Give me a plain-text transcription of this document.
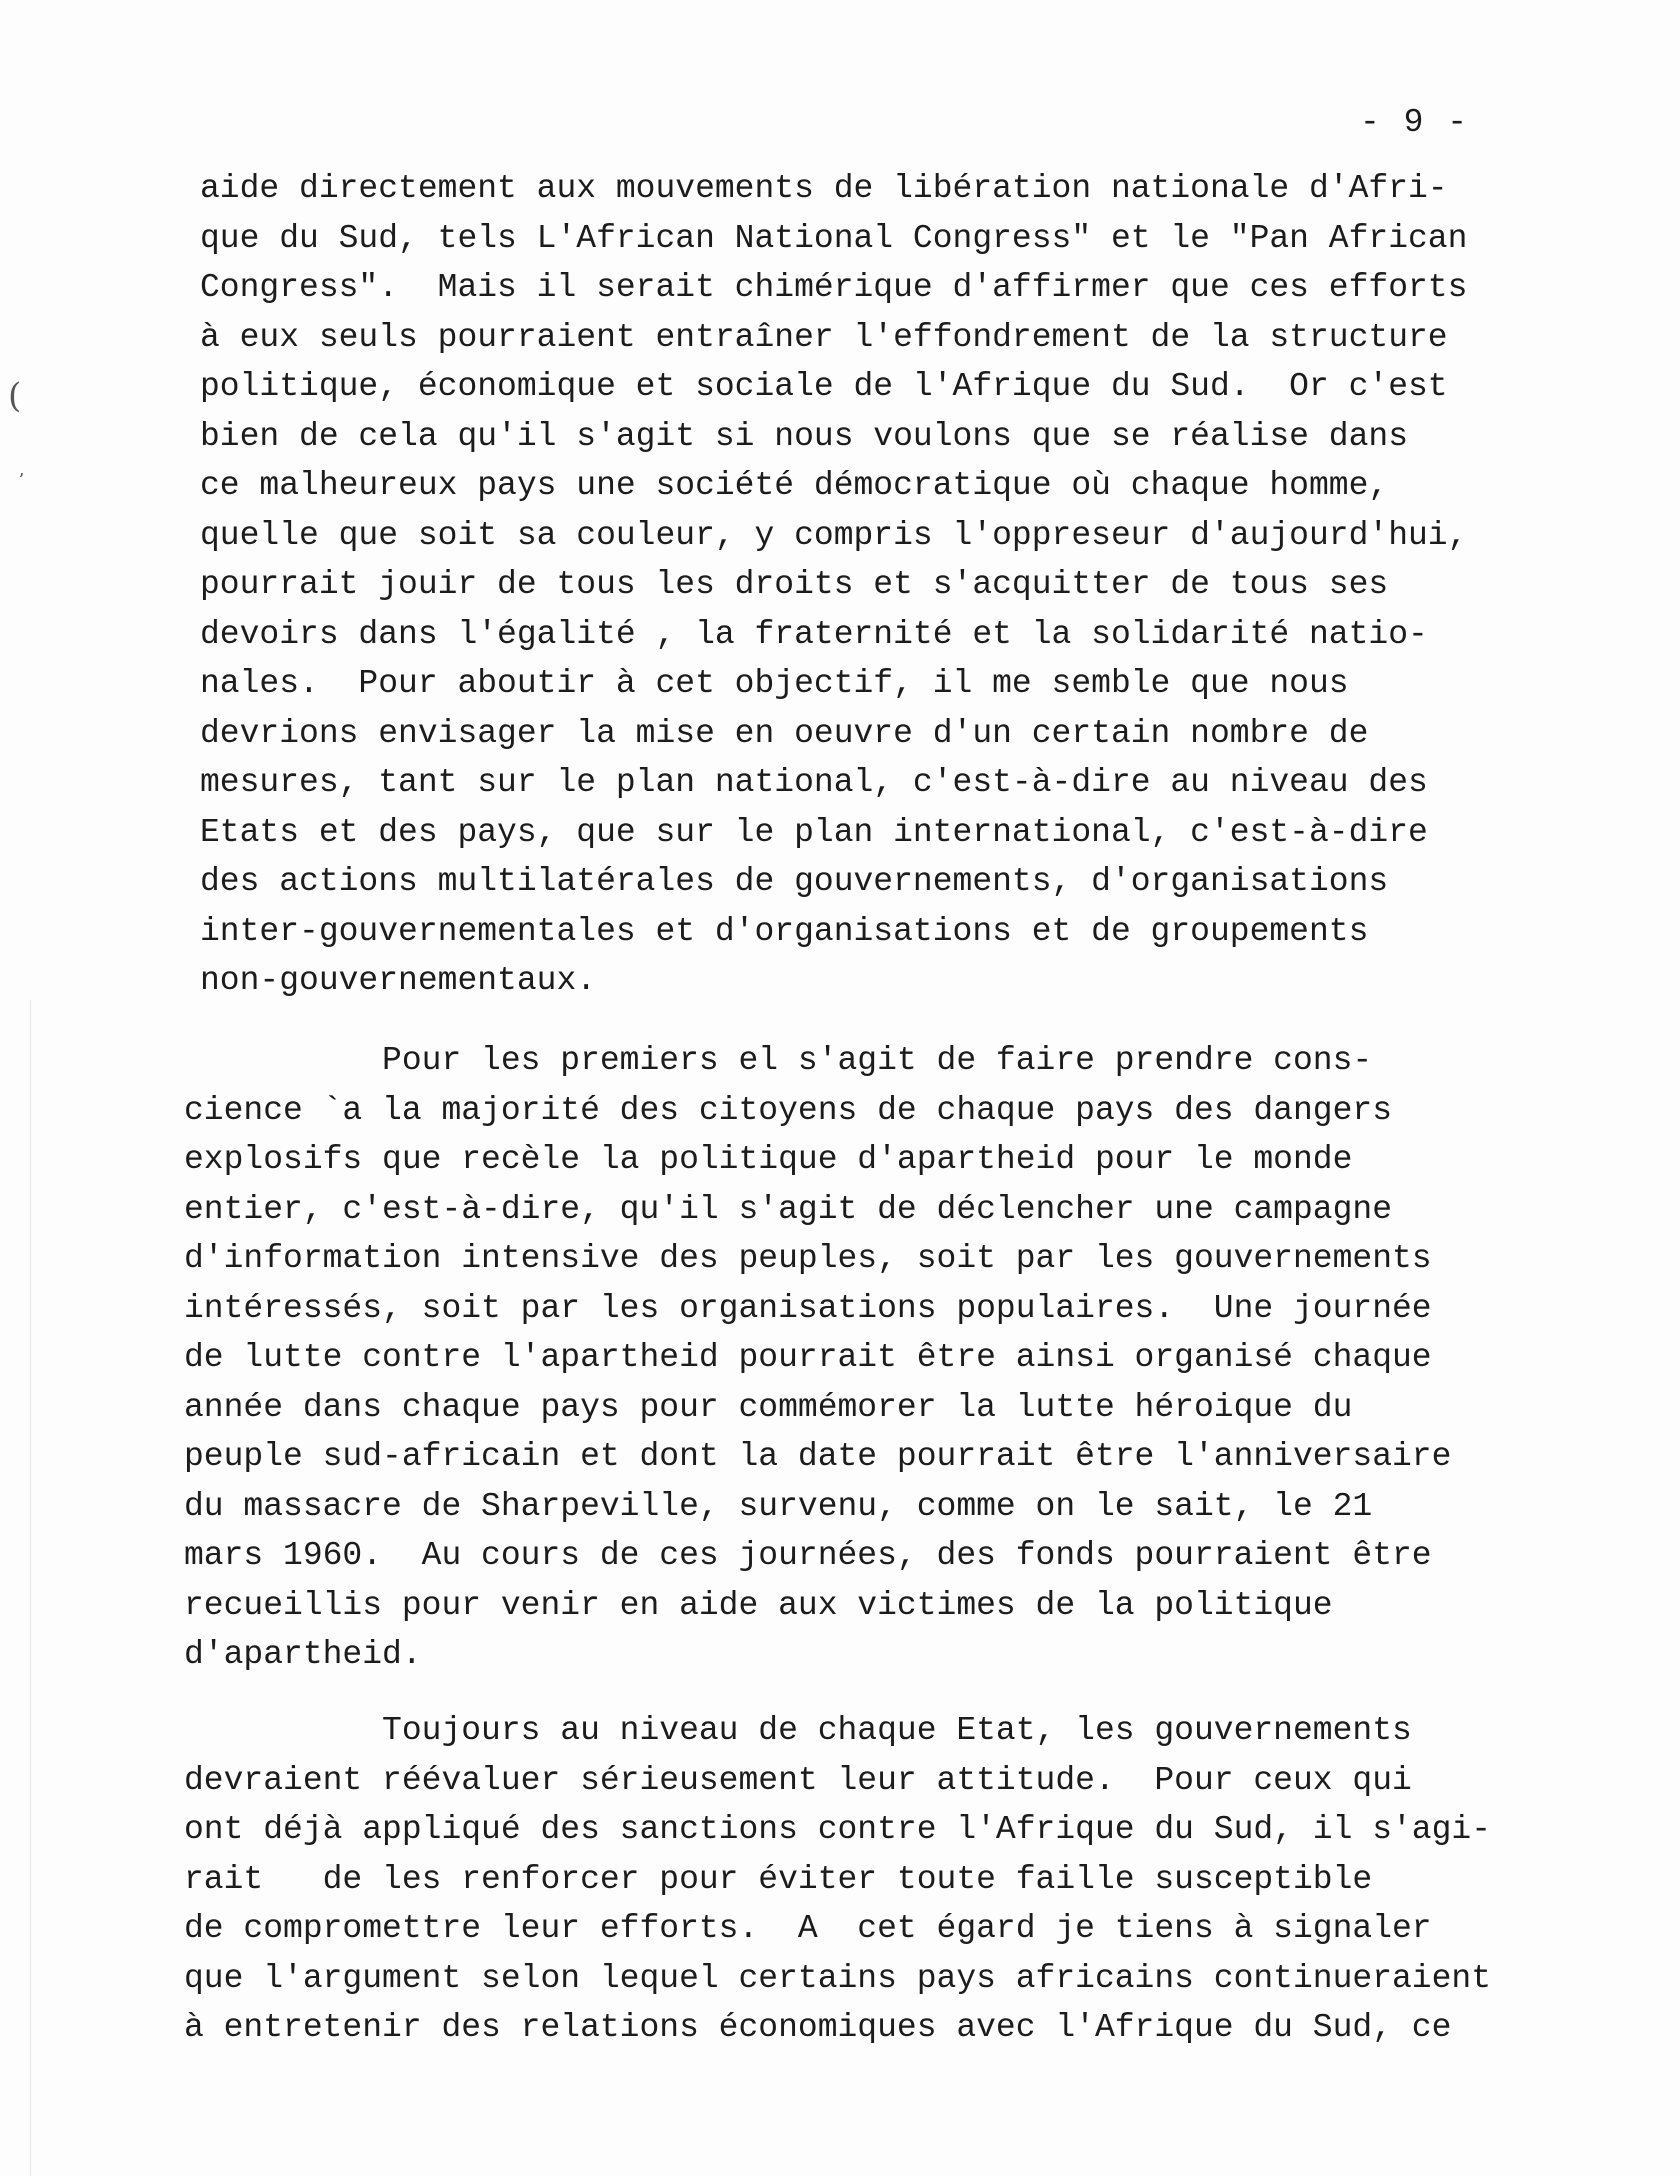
(
ʼ
- 9 -
aide directement aux mouvements de libération nationale d'Afri-
que du Sud, tels L'African National Congress" et le "Pan African
Congress".  Mais il serait chimérique d'affirmer que ces efforts
à eux seuls pourraient entraîner l'effondrement de la structure
politique, économique et sociale de l'Afrique du Sud.  Or c'est
bien de cela qu'il s'agit si nous voulons que se réalise dans
ce malheureux pays une société démocratique où chaque homme,
quelle que soit sa couleur, y compris l'oppreseur d'aujourd'hui,
pourrait jouir de tous les droits et s'acquitter de tous ses
devoirs dans l'égalité , la fraternité et la solidarité natio-
nales.  Pour aboutir à cet objectif, il me semble que nous
devrions envisager la mise en oeuvre d'un certain nombre de
mesures, tant sur le plan national, c'est-à-dire au niveau des
Etats et des pays, que sur le plan international, c'est-à-dire
des actions multilatérales de gouvernements, d'organisations
inter-gouvernementales et d'organisations et de groupements
non-gouvernementaux.
Pour les premiers el s'agit de faire prendre cons-
cience `a la majorité des citoyens de chaque pays des dangers
explosifs que recèle la politique d'apartheid pour le monde
entier, c'est-à-dire, qu'il s'agit de déclencher une campagne
d'information intensive des peuples, soit par les gouvernements
intéressés, soit par les organisations populaires.  Une journée
de lutte contre l'apartheid pourrait être ainsi organisé chaque
année dans chaque pays pour commémorer la lutte héroique du
peuple sud-africain et dont la date pourrait être l'anniversaire
du massacre de Sharpeville, survenu, comme on le sait, le 21
mars 1960.  Au cours de ces journées, des fonds pourraient être
recueillis pour venir en aide aux victimes de la politique
d'apartheid.
Toujours au niveau de chaque Etat, les gouvernements
devraient réévaluer sérieusement leur attitude.  Pour ceux qui
ont déjà appliqué des sanctions contre l'Afrique du Sud, il s'agi-
rait   de les renforcer pour éviter toute faille susceptible
de compromettre leur efforts.  A  cet égard je tiens à signaler
que l'argument selon lequel certains pays africains continueraient
à entretenir des relations économiques avec l'Afrique du Sud, ce
